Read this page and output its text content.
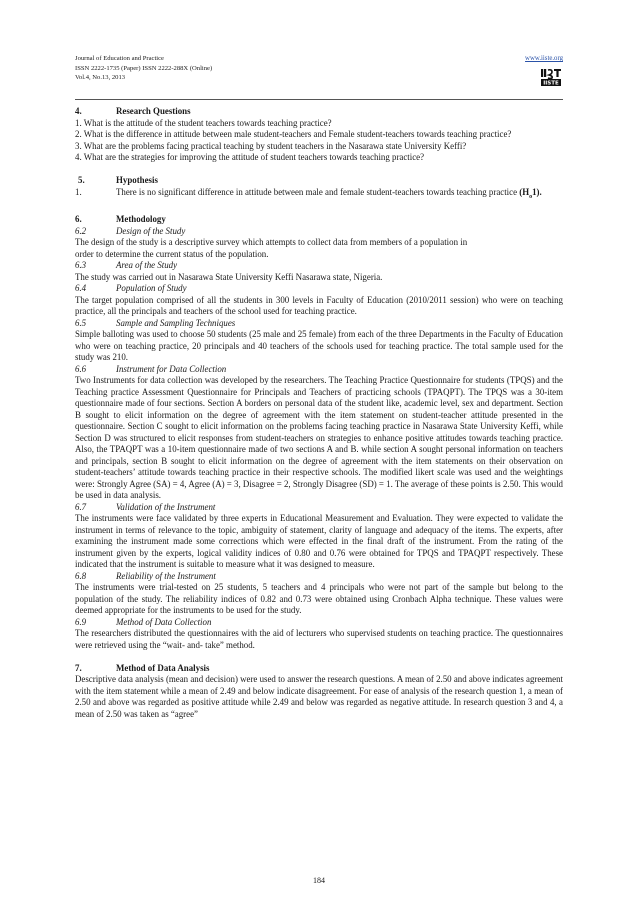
Journal of Education and Practice
ISSN 2222-1735 (Paper) ISSN 2222-288X (Online)
Vol.4, No.13, 2013
www.iiste.org
IISTE
4.	Research Questions

1. What is the attitude of the student teachers towards teaching practice?

2. What is the difference in attitude between male student-teachers and Female student-teachers towards teaching practice?

3. What are the problems facing practical teaching by student teachers in the Nasarawa state University Keffi?

4. What are the strategies for improving the attitude of student teachers towards teaching practice?

5.	Hypothesis

1.	There is no significant difference in attitude between male and female student-teachers towards teaching practice $(H_o1)$.

6.	Methodology
6.2	Design of the Study

The design of the study is a descriptive survey which attempts to collect data from members of a population in order to determine the current status of the population.

6.3	Area of the Study

The study was carried out in Nasarawa State University Keffi Nasarawa state, Nigeria.

6.4	Population of Study

The target population comprised of all the students in 300 levels in Faculty of Education (2010/2011 session) who were on teaching practice, all the principals and teachers of the school used for teaching practice.

6.5	Sample and Sampling Techniques

Simple balloting was used to choose 50 students (25 male and 25 female) from each of the three Departments in the Faculty of Education who were on teaching practice, 20 principals and 40 teachers of the schools used for teaching practice. The total sample used for the study was 210.

6.6	Instrument for Data Collection

Two Instruments for data collection was developed by the researchers. The Teaching Practice Questionnaire for students (TPQS) and the Teaching practice Assessment Questionnaire for Principals and Teachers of practicing schools (TPAQPT). The TPQS was a 30-item questionnaire made of four sections. Section A borders on personal data of the student like, academic level, sex and department. Section B sought to elicit information on the degree of agreement with the item statement on student-teacher attitude presented in the questionnaire. Section C sought to elicit information on the problems facing teaching practice in Nasarawa State University Keffi, while Section D was structured to elicit responses from student-teachers on strategies to enhance positive attitudes towards teaching practice. Also, the TPAQPT was a 10-item questionnaire made of two sections A and B. while section A sought personal information on teachers and principals, section B sought to elicit information on the degree of agreement with the item statements on their observation on student-teachers’ attitude towards teaching practice in their respective schools. The modified likert scale was used and the weightings were: Strongly Agree (SA) = 4, Agree (A) = 3, Disagree = 2, Strongly Disagree (SD) = 1. The average of these points is 2.50. This would be used in data analysis.

6.7	Validation of the Instrument

The instruments were face validated by three experts in Educational Measurement and Evaluation. They were expected to validate the instrument in terms of relevance to the topic, ambiguity of statement, clarity of language and adequacy of the items. The experts, after examining the instrument made some corrections which were effected in the final draft of the instrument. From the rating of the instrument given by the experts, logical validity indices of 0.80 and 0.76 were obtained for TPQS and TPAQPT respectively. These indicated that the instrument is suitable to measure what it was designed to measure.

6.8	Reliability of the Instrument

The instruments were trial-tested on 25 students, 5 teachers and 4 principals who were not part of the sample but belong to the population of the study. The reliability indices of 0.82 and 0.73 were obtained using Cronbach Alpha technique. These values were deemed appropriate for the instruments to be used for the study.

6.9	Method of Data Collection

The researchers distributed the questionnaires with the aid of lecturers who supervised students on teaching practice. The questionnaires were retrieved using the “wait- and- take” method.

7.	Method of Data Analysis

Descriptive data analysis (mean and decision) were used to answer the research questions. A mean of 2.50 and above indicates agreement with the item statement while a mean of 2.49 and below indicate disagreement. For ease of analysis of the research question 1, a mean of 2.50 and above was regarded as positive attitude while 2.49 and below was regarded as negative attitude. In research question 3 and 4, a mean of 2.50 was taken as “agree”

184
